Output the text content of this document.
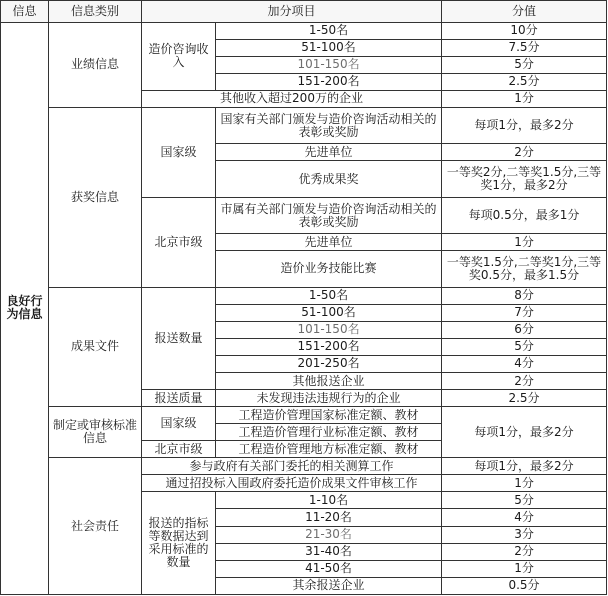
信息	信息类别	加分项目		分值
良好行为信息	业绩信息	造价咨询收入	1-50名	10分
			51-100名	7.5分
			101-150名	5分
			151-200名	2.5分
		其他收入超过200万的企业		1分
	获奖信息	国家级	国家有关部门颁发与造价咨询活动相关的表彰或奖励	每项1分，最多2分
			先进单位	2分
			优秀成果奖	一等奖2分,二等奖1.5分,三等奖1分，最多2分
		北京市级	市属有关部门颁发与造价咨询活动相关的表彰或奖励	每项0.5分，最多1分
			先进单位	1分
			造价业务技能比赛	一等奖1.5分,二等奖1分,三等奖0.5分，最多1.5分
	成果文件	报送数量	1-50名	8分
			51-100名	7分
			101-150名	6分
			151-200名	5分
			201-250名	4分
			其他报送企业	2分
		报送质量	未发现违法违规行为的企业	2.5分
	制定或审核标准信息	国家级	工程造价管理国家标准定额、教材	每项1分，最多2分
			工程造价管理行业标准定额、教材	
		北京市级	工程造价管理地方标准定额、教材	
	社会责任	参与政府有关部门委托的相关测算工作		每项1分，最多2分
		通过招投标入围政府委托造价成果文件审核工作		1分
		报送的指标等数据达到采用标准的数量	1-10名	5分
			11-20名	4分
			21-30名	3分
			31-40名	2分
			41-50名	1分
			其余报送企业	0.5分
